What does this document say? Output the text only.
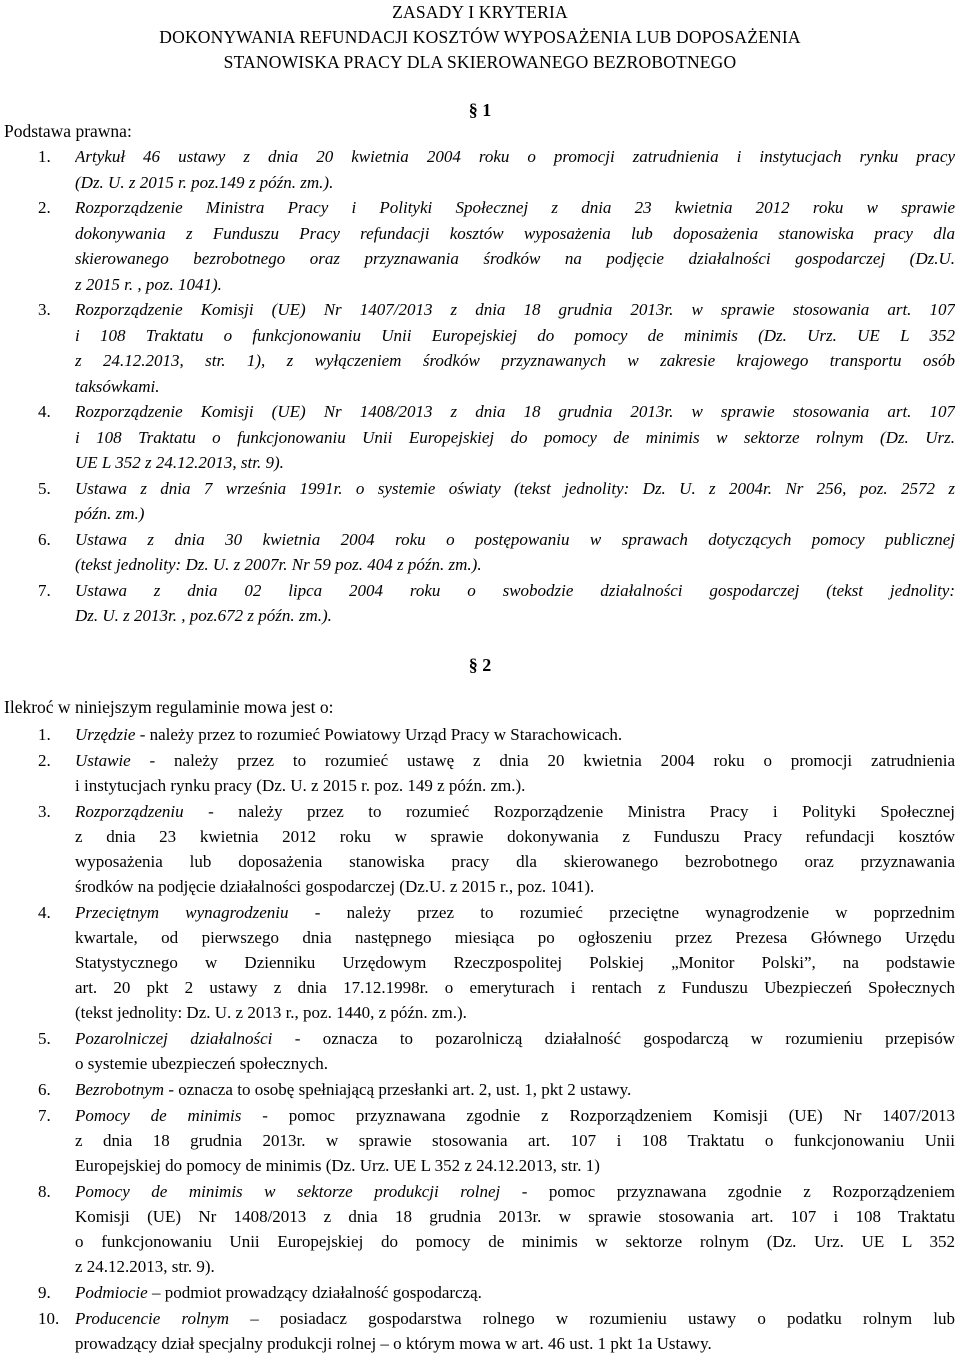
ZASADY I KRYTERIA
DOKONYWANIA REFUNDACJI KOSZTÓW WYPOSAŻENIA LUB DOPOSAŻENIA
STANOWISKA PRACY DLA SKIEROWANEGO BEZROBOTNEGO
§ 1
Podstawa prawna:
1.	Artykuł 46 ustawy z dnia 20 kwietnia 2004 roku o promocji zatrudnienia i instytucjach rynku pracy
(Dz. U. z 2015 r. poz.149 z późn. zm.).
2.	Rozporządzenie Ministra Pracy i Polityki Społecznej z dnia 23 kwietnia 2012 roku w sprawie
dokonywania z Funduszu Pracy refundacji kosztów wyposażenia lub doposażenia stanowiska pracy dla
skierowanego bezrobotnego oraz przyznawania środków na podjęcie działalności gospodarczej (Dz.U.
z 2015 r. , poz. 1041).
3.	Rozporządzenie Komisji (UE) Nr 1407/2013 z dnia 18 grudnia 2013r. w sprawie stosowania art. 107
i 108 Traktatu o funkcjonowaniu Unii Europejskiej do pomocy de minimis (Dz. Urz. UE L 352
z 24.12.2013, str. 1), z wyłączeniem środków przyznawanych w zakresie krajowego transportu osób
taksówkami.
4.	Rozporządzenie Komisji (UE) Nr 1408/2013 z dnia 18 grudnia 2013r. w sprawie stosowania art. 107
i 108 Traktatu o funkcjonowaniu Unii Europejskiej do pomocy de minimis w sektorze rolnym (Dz. Urz.
UE L 352 z 24.12.2013, str. 9).
5.	Ustawa z dnia 7 września 1991r. o systemie oświaty (tekst jednolity: Dz. U. z 2004r. Nr 256, poz. 2572 z
późn. zm.)
6.	Ustawa z dnia 30 kwietnia 2004 roku o postępowaniu w sprawach dotyczących pomocy publicznej
(tekst jednolity: Dz. U. z 2007r. Nr 59 poz. 404 z późn. zm.).
7.	Ustawa z dnia 02 lipca 2004 roku o swobodzie działalności gospodarczej (tekst jednolity:
Dz. U. z 2013r. , poz.672 z późn. zm.).
§ 2
Ilekroć w niniejszym regulaminie mowa jest o:
1.	Urzędzie - należy przez to rozumieć Powiatowy Urząd Pracy w Starachowicach.
2.	Ustawie - należy przez to rozumieć ustawę z dnia 20 kwietnia 2004 roku o promocji zatrudnienia
i instytucjach rynku pracy (Dz. U. z 2015 r. poz. 149 z późn. zm.).
3.	Rozporządzeniu - należy przez to rozumieć Rozporządzenie Ministra Pracy i Polityki Społecznej
z dnia 23 kwietnia 2012 roku w sprawie dokonywania z Funduszu Pracy refundacji kosztów
wyposażenia lub doposażenia stanowiska pracy dla skierowanego bezrobotnego oraz przyznawania
środków na podjęcie działalności gospodarczej (Dz.U. z 2015 r., poz. 1041).
4.	Przeciętnym wynagrodzeniu - należy przez to rozumieć przeciętne wynagrodzenie w poprzednim
kwartale, od pierwszego dnia następnego miesiąca po ogłoszeniu przez Prezesa Głównego Urzędu
Statystycznego w Dzienniku Urzędowym Rzeczpospolitej Polskiej „Monitor Polski”, na podstawie
art. 20 pkt 2 ustawy z dnia 17.12.1998r. o emeryturach i rentach z Funduszu Ubezpieczeń Społecznych
(tekst jednolity: Dz. U. z 2013 r., poz. 1440, z późn. zm.).
5.	Pozarolniczej działalności - oznacza to pozarolniczą działalność gospodarczą w rozumieniu przepisów
o systemie ubezpieczeń społecznych.
6.	Bezrobotnym - oznacza to osobę spełniającą przesłanki art. 2, ust. 1, pkt 2 ustawy.
7.	Pomocy de minimis - pomoc przyznawana zgodnie z Rozporządzeniem Komisji (UE) Nr 1407/2013
z dnia 18 grudnia 2013r. w sprawie stosowania art. 107 i 108 Traktatu o funkcjonowaniu Unii
Europejskiej do pomocy de minimis (Dz. Urz. UE L 352 z 24.12.2013, str. 1)
8.	Pomocy de minimis w sektorze produkcji rolnej - pomoc przyznawana zgodnie z Rozporządzeniem
Komisji (UE) Nr 1408/2013 z dnia 18 grudnia 2013r. w sprawie stosowania art. 107 i 108 Traktatu
o funkcjonowaniu Unii Europejskiej do pomocy de minimis w sektorze rolnym (Dz. Urz. UE L 352
z 24.12.2013, str. 9).
9.	Podmiocie – podmiot prowadzący działalność gospodarczą.
10. Producencie rolnym – posiadacz gospodarstwa rolnego w rozumieniu ustawy o podatku rolnym lub
prowadzący dział specjalny produkcji rolnej – o którym mowa w art. 46 ust. 1 pkt 1a Ustawy.
